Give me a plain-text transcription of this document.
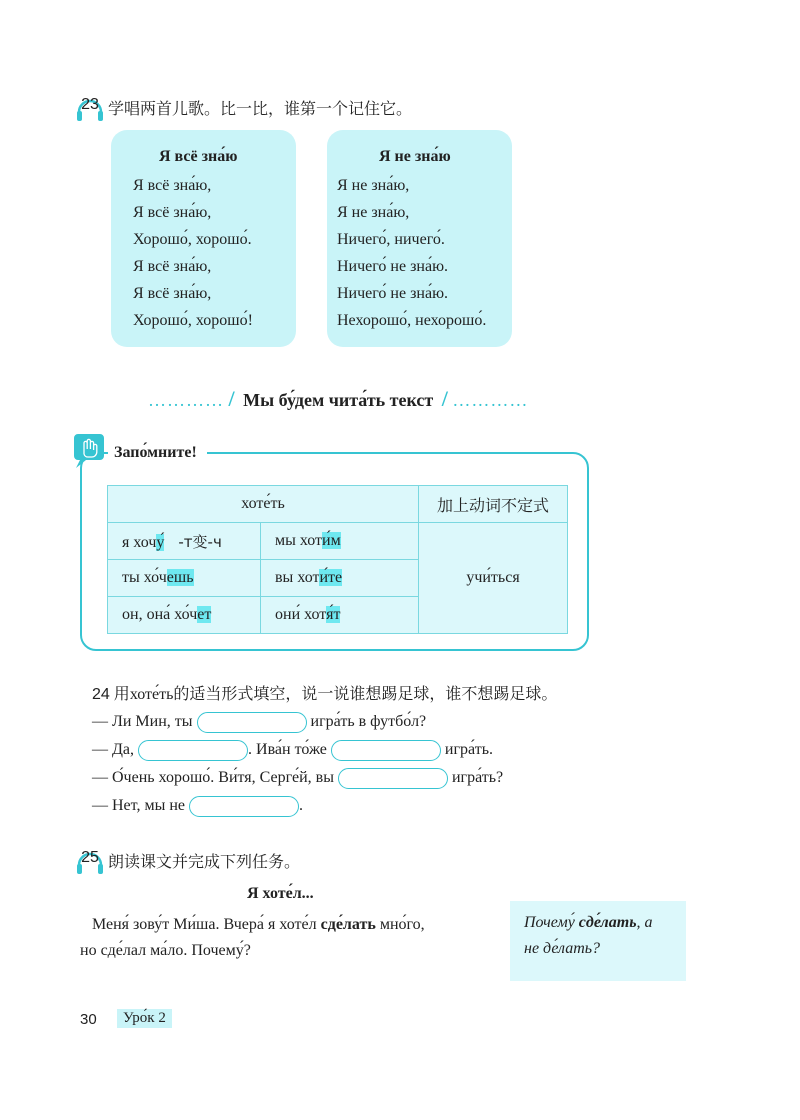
23 学唱两首儿歌。比一比，谁第一个记住它。
Я всё зна́ю
Я всё зна́ю,
Я всё зна́ю,
Хорошо́, хорошо́.
Я всё зна́ю,
Я всё зна́ю,
Хорошо́, хорошо́!
Я не зна́ю
Я не зна́ю,
Я не зна́ю,
Ничего́, ничего́.
Ничего́ не зна́ю.
Ничего́ не зна́ю.
Нехорошо́, нехорошо́.
………… / Мы бу́дем чита́ть текст / …………
Запо́мните!
хоте́ть		加上动词不定式
я хочу́ -т变-ч	мы хоти́м	учи́ться
ты хо́чешь	вы хоти́те	
он, она́ хо́чет	они́ хотя́т	
24 用хоте́ть的适当形式填空，说一说谁想踢足球，谁不想踢足球。
— Ли Мин, ты	игра́ть в футбо́л?
— Да,	. Ива́н то́же	игра́ть.
— О́чень хорошо́. Ви́тя, Серге́й, вы	игра́ть?
— Нет, мы не	.
25 朗读课文并完成下列任务。
Я хоте́л...
Меня́ зову́т Ми́ша. Вчера́ я хоте́л сде́лать мно́го,
но сде́лал ма́ло. Почему́?
Почему́ сде́лать, а
не де́лать?
30	Уро́к 2
